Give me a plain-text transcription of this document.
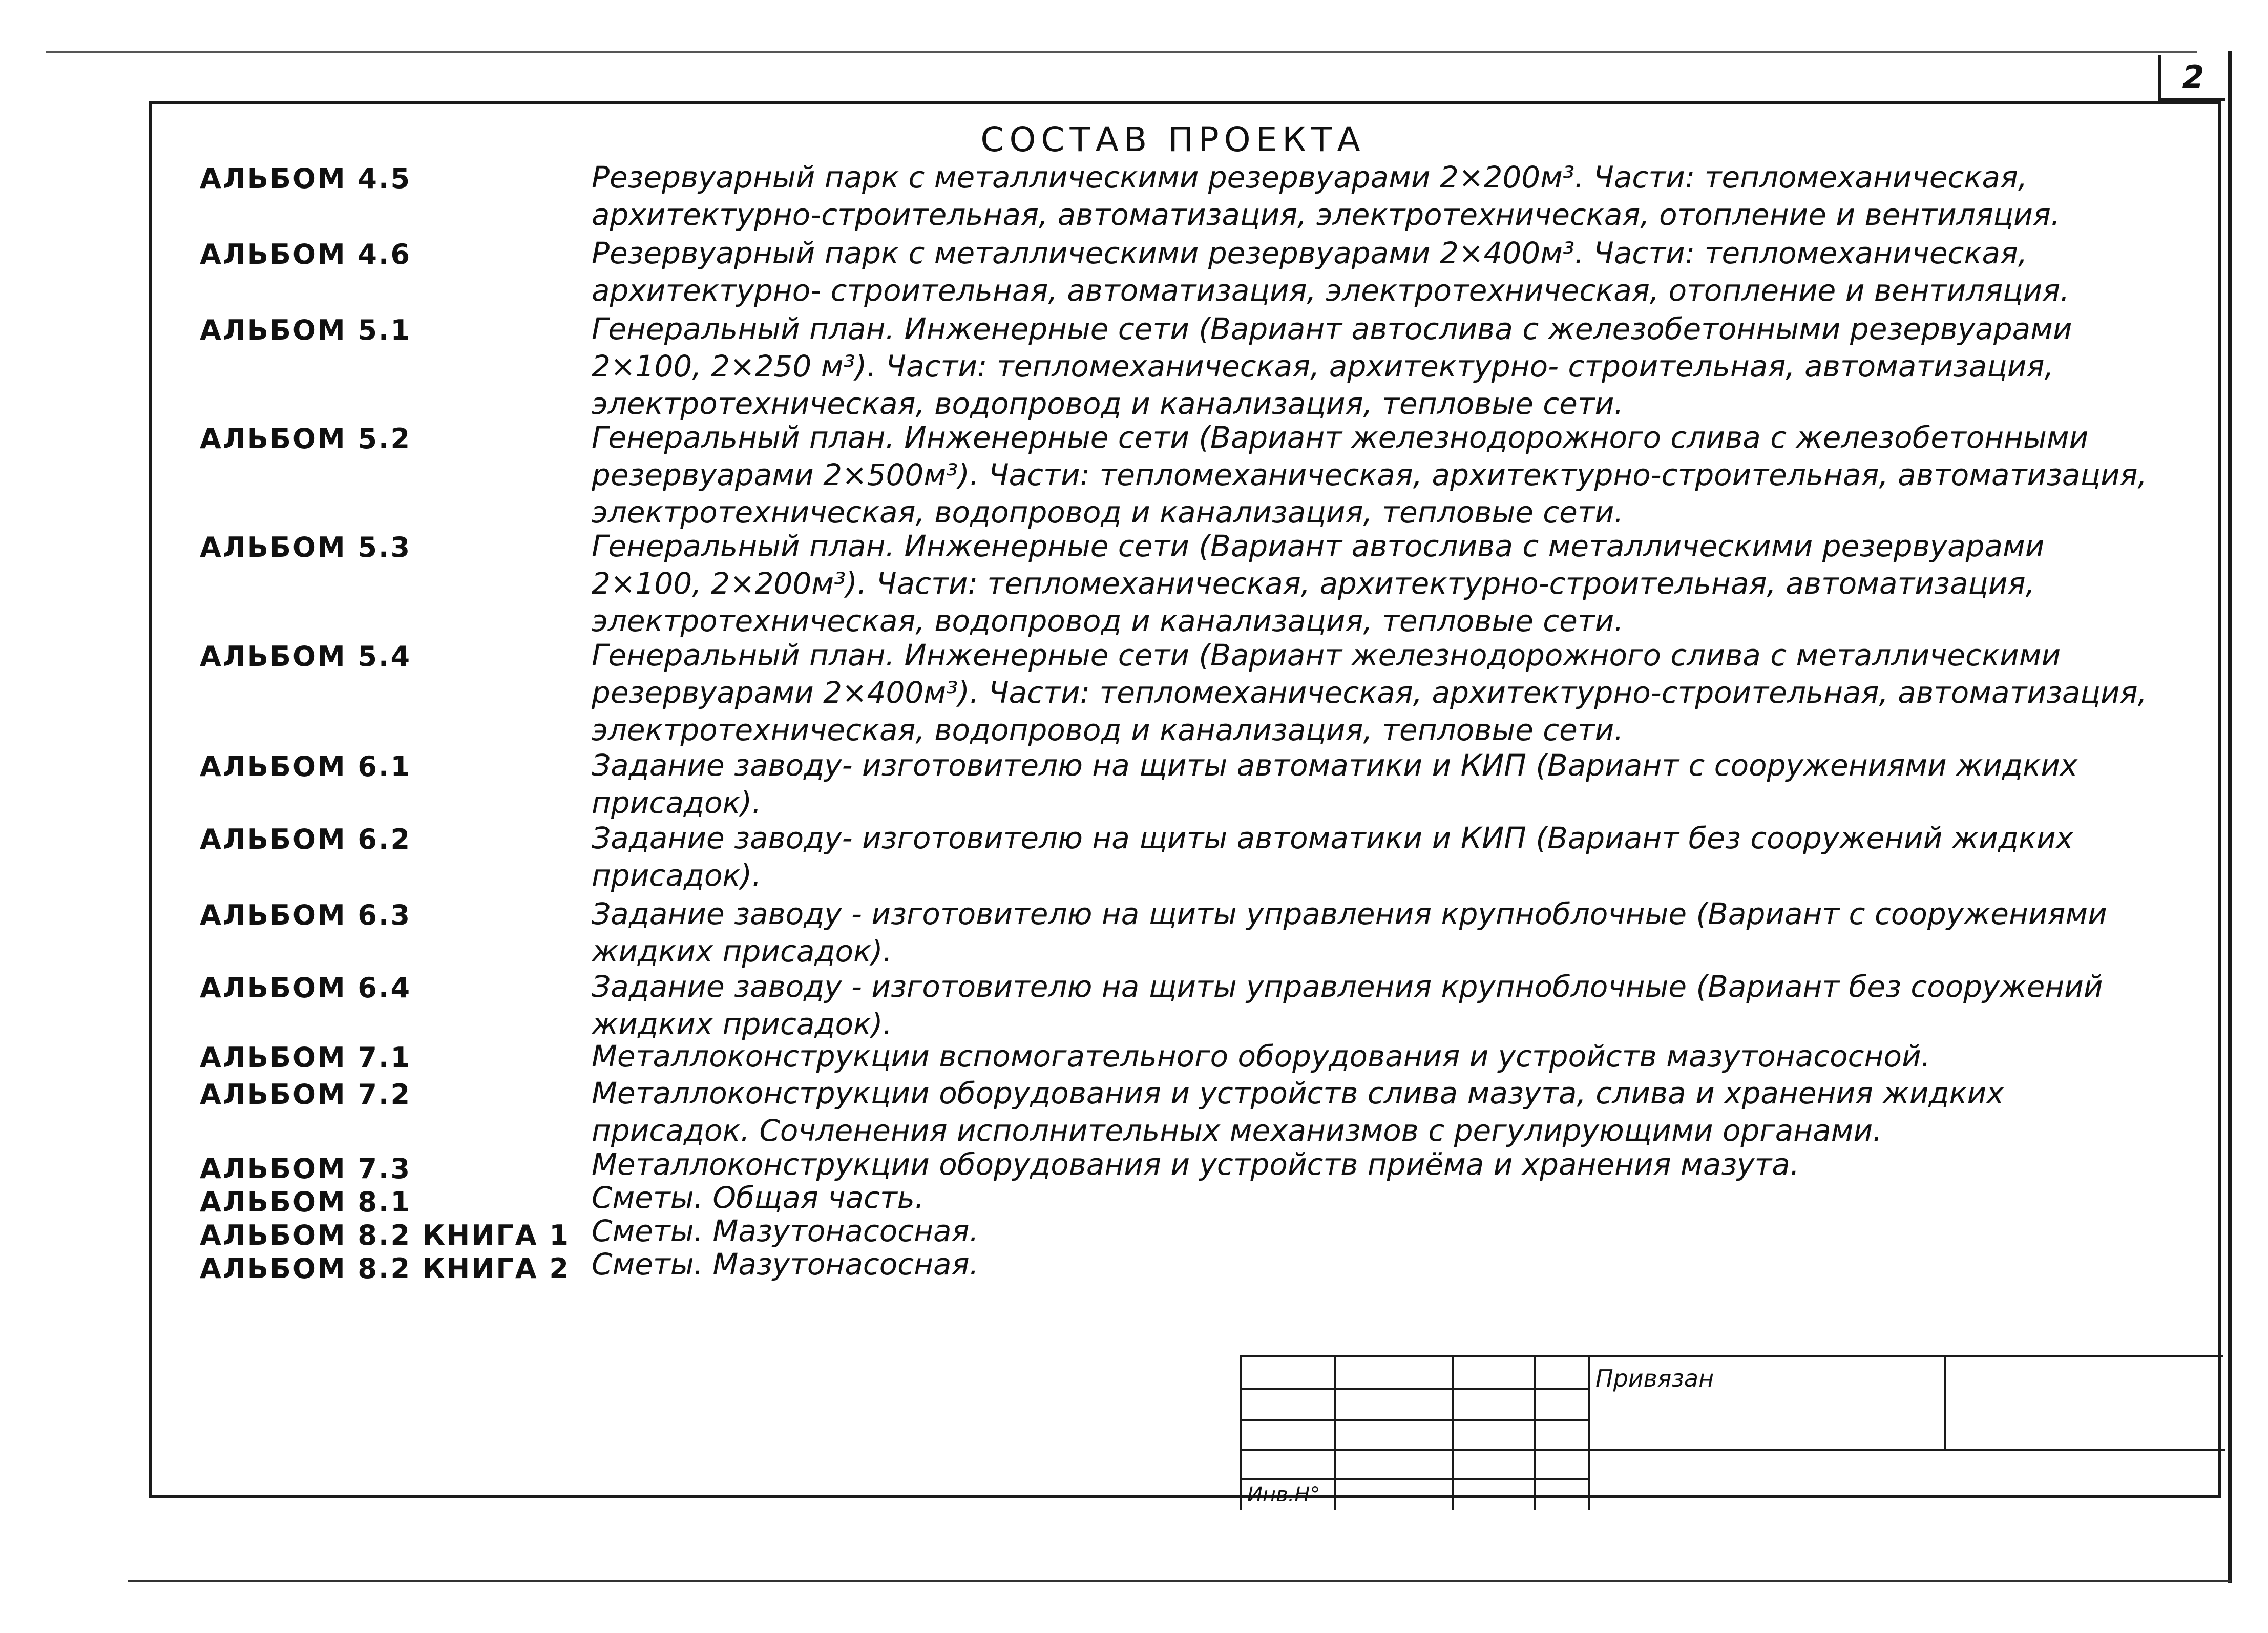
2
СОСТАВ ПРОЕКТА
АЛЬБОМ 4.5	Резервуарный парк с металлическими резервуарами 2×200м³. Части: тепломеханическая, архитектурно-строительная, автоматизация, электротехническая, отопление и вентиляция.
АЛЬБОМ 4.6	Резервуарный парк с металлическими резервуарами 2×400м³. Части: тепломеханическая, архитектурно- строительная, автоматизация, электротехническая, отопление и вентиляция.
АЛЬБОМ 5.1	Генеральный план. Инженерные сети (Вариант автослива с железобетонными резервуарами 2×100, 2×250 м³). Части: тепломеханическая, архитектурно- строительная, автоматизация, электротехническая, водопровод и канализация, тепловые сети.
АЛЬБОМ 5.2	Генеральный план. Инженерные сети (Вариант железнодорожного слива с железобетонными резервуарами 2×500м³). Части: тепломеханическая, архитектурно-строительная, автоматизация, электротехническая, водопровод и канализация, тепловые сети.
АЛЬБОМ 5.3	Генеральный план. Инженерные сети (Вариант автослива с металлическими резервуарами 2×100, 2×200м³). Части: тепломеханическая, архитектурно-строительная, автоматизация, электротехническая, водопровод и канализация, тепловые сети.
АЛЬБОМ 5.4	Генеральный план. Инженерные сети (Вариант железнодорожного слива с металлическими резервуарами 2×400м³). Части: тепломеханическая, архитектурно-строительная, автоматизация, электротехническая, водопровод и канализация, тепловые сети.
АЛЬБОМ 6.1	Задание заводу- изготовителю на щиты автоматики и КИП (Вариант с сооружениями жидких присадок).
АЛЬБОМ 6.2	Задание заводу- изготовителю на щиты автоматики и КИП (Вариант без сооружений жидких присадок).
АЛЬБОМ 6.3	Задание заводу - изготовителю на щиты управления крупноблочные (Вариант с сооружениями жидких присадок).
АЛЬБОМ 6.4	Задание заводу - изготовителю на щиты управления крупноблочные (Вариант без сооружений жидких присадок).
АЛЬБОМ 7.1	Металлоконструкции вспомогательного оборудования и устройств мазутонасосной.
АЛЬБОМ 7.2	Металлоконструкции оборудования и устройств слива мазута, слива и хранения жидких присадок. Сочленения исполнительных механизмов с регулирующими органами.
АЛЬБОМ 7.3	Металлоконструкции оборудования и устройств приёма и хранения мазута.
АЛЬБОМ 8.1	Сметы. Общая часть.
АЛЬБОМ 8.2 КНИГА 1 Сметы. Мазутонасосная.
АЛЬБОМ 8.2 КНИГА 2 Сметы. Мазутонасосная.
Привязан
Инв.Н°
